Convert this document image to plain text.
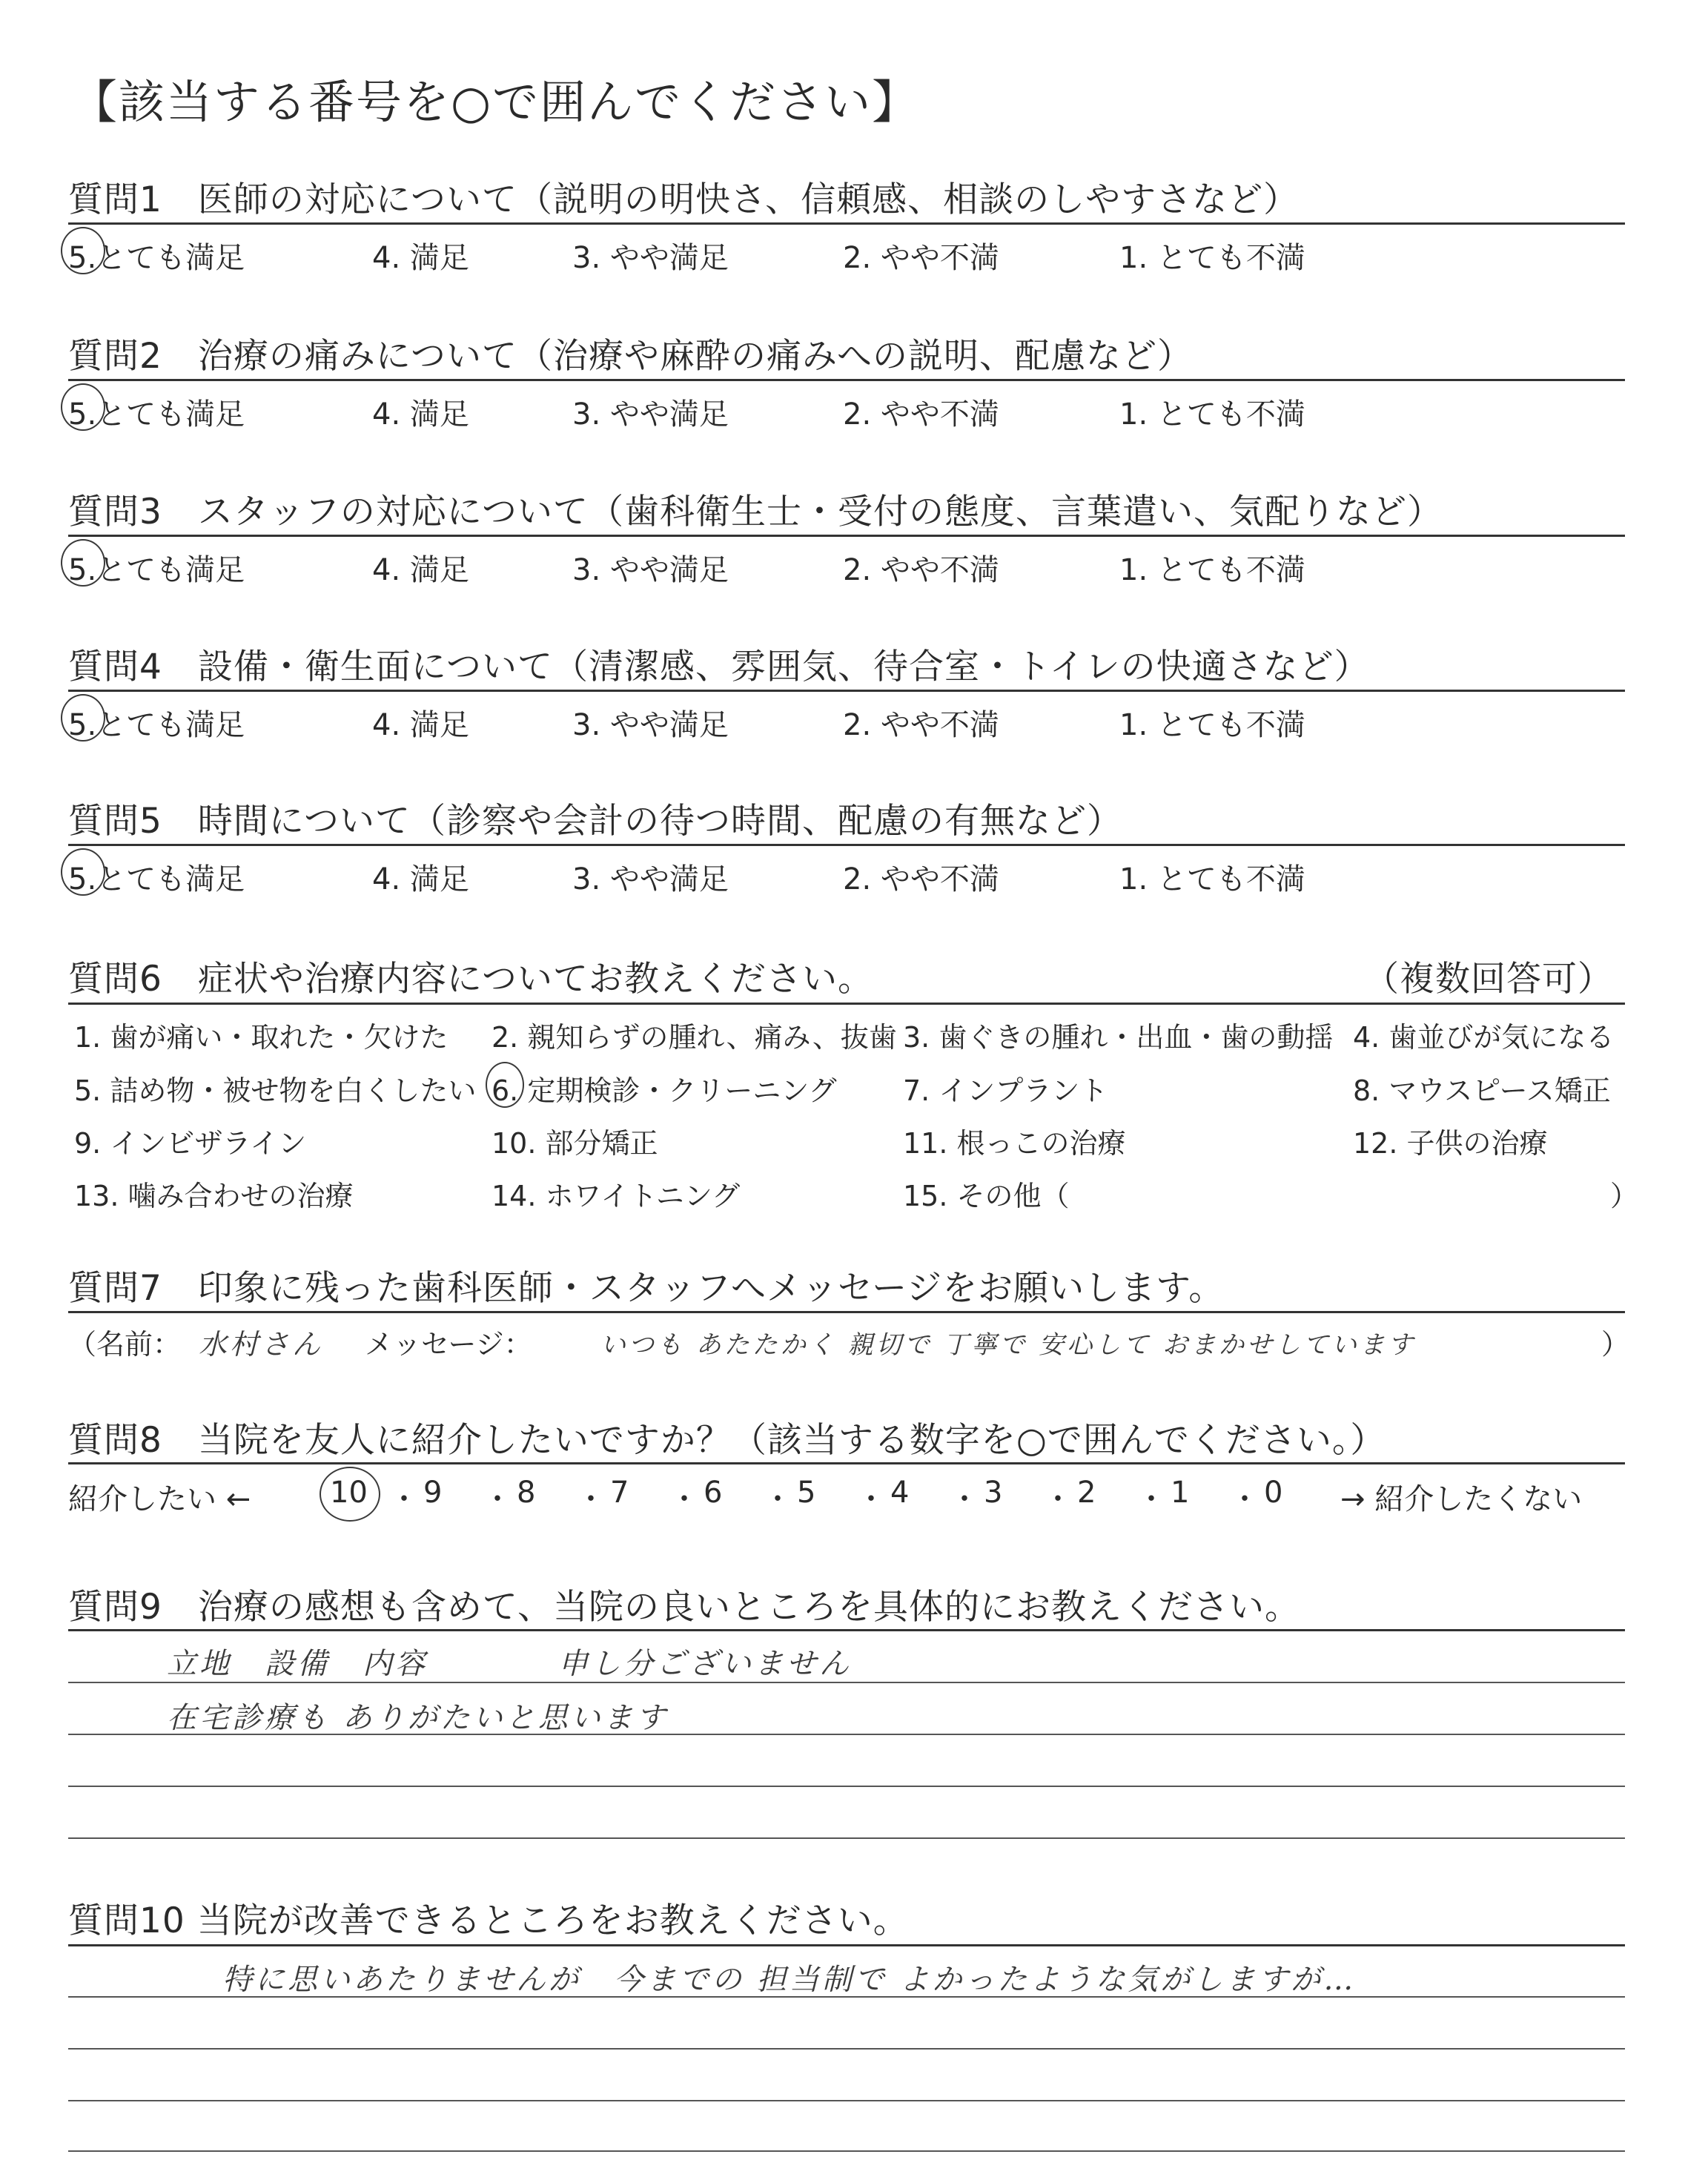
【該当する番号を○で囲んでください】
質問1　医師の対応について（説明の明快さ、信頼感、相談のしやすさなど）
5.とても満足	4. 満足	3. やや満足	2. やや不満	1. とても不満
質問2　治療の痛みについて（治療や麻酔の痛みへの説明、配慮など）
5.とても満足	4. 満足	3. やや満足	2. やや不満	1. とても不満
質問3　スタッフの対応について（歯科衛生士・受付の態度、言葉遣い、気配りなど）
5.とても満足	4. 満足	3. やや満足	2. やや不満	1. とても不満
質問4　設備・衛生面について（清潔感、雰囲気、待合室・トイレの快適さなど）
5.とても満足	4. 満足	3. やや満足	2. やや不満	1. とても不満
質問5　時間について（診察や会計の待つ時間、配慮の有無など）
5.とても満足	4. 満足	3. やや満足	2. やや不満	1. とても不満
質問6　症状や治療内容についてお教えください。	（複数回答可）
1. 歯が痛い・取れた・欠けた 2. 親知らずの腫れ、痛み、抜歯 3. 歯ぐきの腫れ・出血・歯の動揺 4. 歯並びが気になる
5. 詰め物・被せ物を白くしたい 6. 定期検診・クリーニング 7. インプラント	8. マウスピース矯正
9. インビザライン	10. 部分矯正	11. 根っこの治療	12. 子供の治療
13. 噛み合わせの治療	14. ホワイトニング	15. その他（	）
質問7　印象に残った歯科医師・スタッフへメッセージをお願いします。
（名前： 水村さん メッセージ：	いつも あたたかく 親切で 丁寧で 安心して おまかせしています	）
質問8　当院を友人に紹介したいですか？（該当する数字を○で囲んでください。）
紹介したい ←	10 ・ 9 ・ 8 ・ 7 ・ 6 ・ 5 ・ 4 ・ 3 ・ 2 ・ 1 ・ 0 → 紹介したくない
質問9　治療の感想も含めて、当院の良いところを具体的にお教えください。
立地　設備　内容　　　　申し分ございません
在宅診療も ありがたいと思います
質問10 当院が改善できるところをお教えください。
特に思いあたりませんが　今までの 担当制で よかったような気がしますが…
